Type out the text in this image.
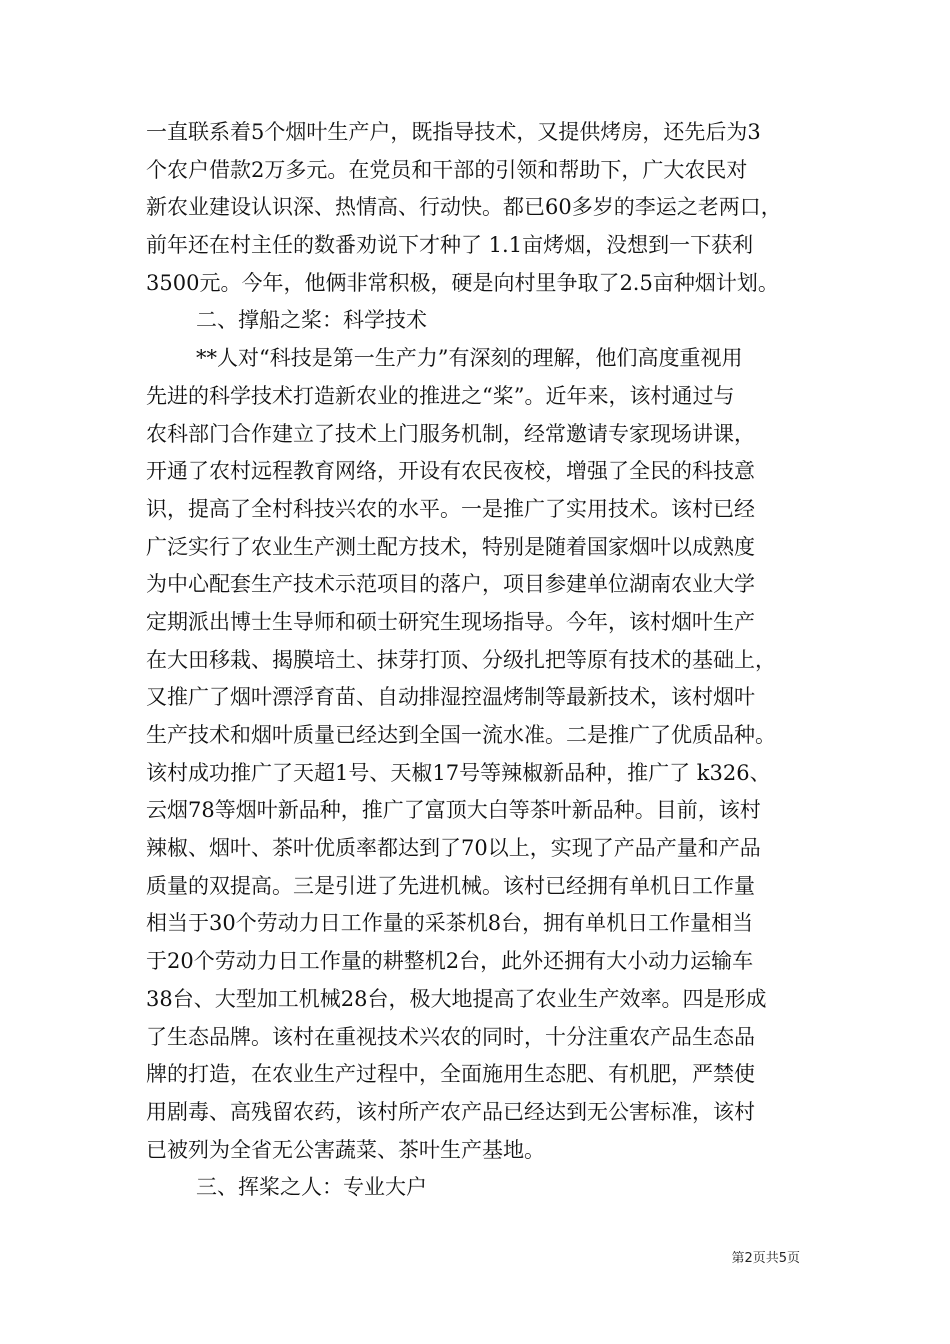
一直联系着5个烟叶生产户，既指导技术，又提供烤房，还先后为3
个农户借款2万多元。在党员和干部的引领和帮助下，广大农民对
新农业建设认识深、热情高、行动快。都已60多岁的李运之老两口，
前年还在村主任的数番劝说下才种了 1.1亩烤烟，没想到一下获利
3500元。今年，他俩非常积极，硬是向村里争取了2.5亩种烟计划。
二、撑船之桨：科学技术
**人对“科技是第一生产力”有深刻的理解，他们高度重视用
先进的科学技术打造新农业的推进之“桨”。近年来，该村通过与
农科部门合作建立了技术上门服务机制，经常邀请专家现场讲课，
开通了农村远程教育网络，开设有农民夜校，增强了全民的科技意
识，提高了全村科技兴农的水平。一是推广了实用技术。该村已经
广泛实行了农业生产测土配方技术，特别是随着国家烟叶以成熟度
为中心配套生产技术示范项目的落户，项目参建单位湖南农业大学
定期派出博士生导师和硕士研究生现场指导。今年，该村烟叶生产
在大田移栽、揭膜培土、抹芽打顶、分级扎把等原有技术的基础上，
又推广了烟叶漂浮育苗、自动排湿控温烤制等最新技术，该村烟叶
生产技术和烟叶质量已经达到全国一流水准。二是推广了优质品种。
该村成功推广了天超1号、天椒17号等辣椒新品种，推广了 k326、
云烟78等烟叶新品种，推广了富顶大白等茶叶新品种。目前，该村
辣椒、烟叶、茶叶优质率都达到了70以上，实现了产品产量和产品
质量的双提高。三是引进了先进机械。该村已经拥有单机日工作量
相当于30个劳动力日工作量的采茶机8台，拥有单机日工作量相当
于20个劳动力日工作量的耕整机2台，此外还拥有大小动力运输车
38台、大型加工机械28台，极大地提高了农业生产效率。四是形成
了生态品牌。该村在重视技术兴农的同时，十分注重农产品生态品
牌的打造，在农业生产过程中，全面施用生态肥、有机肥，严禁使
用剧毒、高残留农药，该村所产农产品已经达到无公害标准，该村
已被列为全省无公害蔬菜、茶叶生产基地。
三、挥桨之人：专业大户
第2页共5页
